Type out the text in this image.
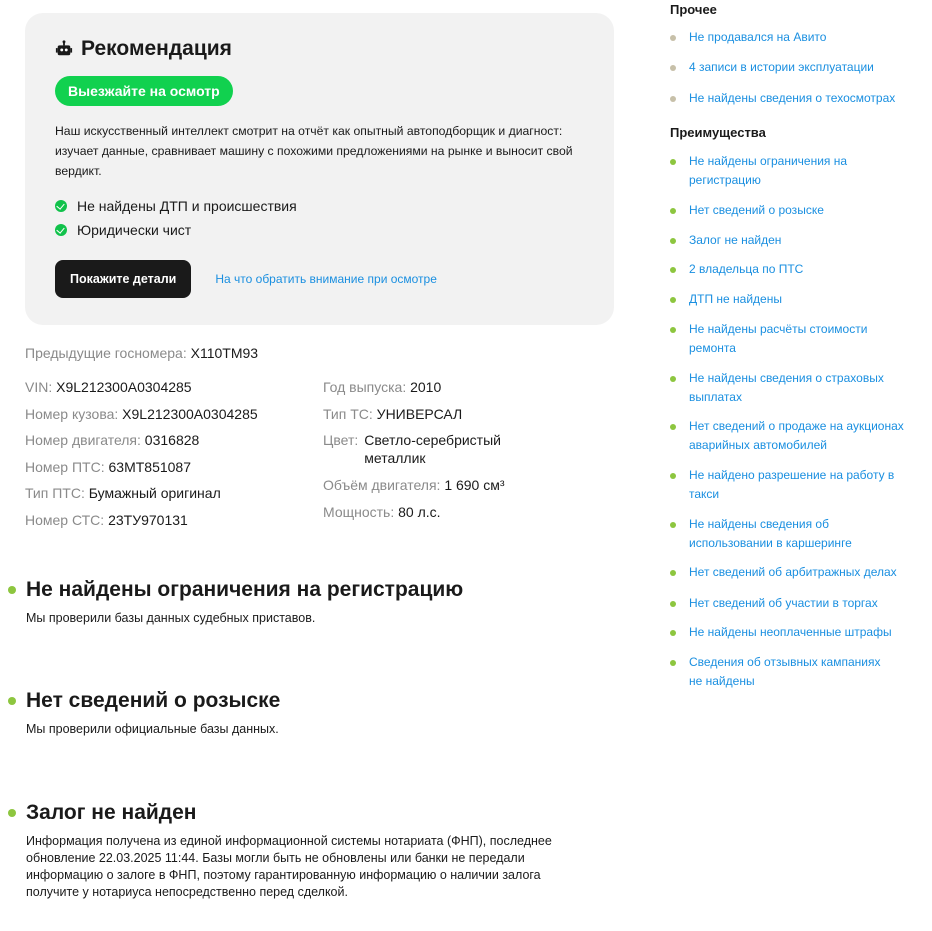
Рекомендация
Выезжайте на осмотр

Наш искусственный интеллект смотрит на отчёт как опытный автоподборщик и диагност: изучает данные, сравнивает машину с похожими предложениями на рынке и выносит свой вердикт.

Не найдены ДТП и происшествия
Юридически чист
Покажите детали	На что обратить внимание при осмотре
Предыдущие госномера: Х110ТМ93
VIN: X9L212300A0304285
Номер кузова: X9L212300A0304285
Номер двигателя: 0316828
Номер ПТС: 63МТ851087
Тип ПТС: Бумажный оригинал
Номер СТС: 23ТУ970131
Год выпуска: 2010
Тип ТС: УНИВЕРСАЛ
Цвет: Светло-серебристый металлик
Объём двигателя: 1 690 см³
Мощность: 80 л.с.
Не найдены ограничения на регистрацию

Мы проверили базы данных судебных приставов.

Нет сведений о розыске

Мы проверили официальные базы данных.

Залог не найден

Информация получена из единой информационной системы нотариата (ФНП), последнее обновление 22.03.2025 11:44. Базы могли быть не обновлены или банки не передали информацию о залоге в ФНП, поэтому гарантированную информацию о наличии залога получите у нотариуса непосредственно перед сделкой.

Прочее
Не продавался на Авито
4 записи в истории эксплуатации
Не найдены сведения о техосмотрах
Преимущества
Не найдены ограничения на регистрацию
Нет сведений о розыске
Залог не найден
2 владельца по ПТС
ДТП не найдены
Не найдены расчёты стоимости ремонта
Не найдены сведения о страховых выплатах
Нет сведений о продаже на аукционах аварийных автомобилей
Не найдено разрешение на работу в такси
Не найдены сведения об использовании в каршеринге
Нет сведений об арбитражных делах
Нет сведений об участии в торгах
Не найдены неоплаченные штрафы
Сведения об отзывных кампаниях не найдены
